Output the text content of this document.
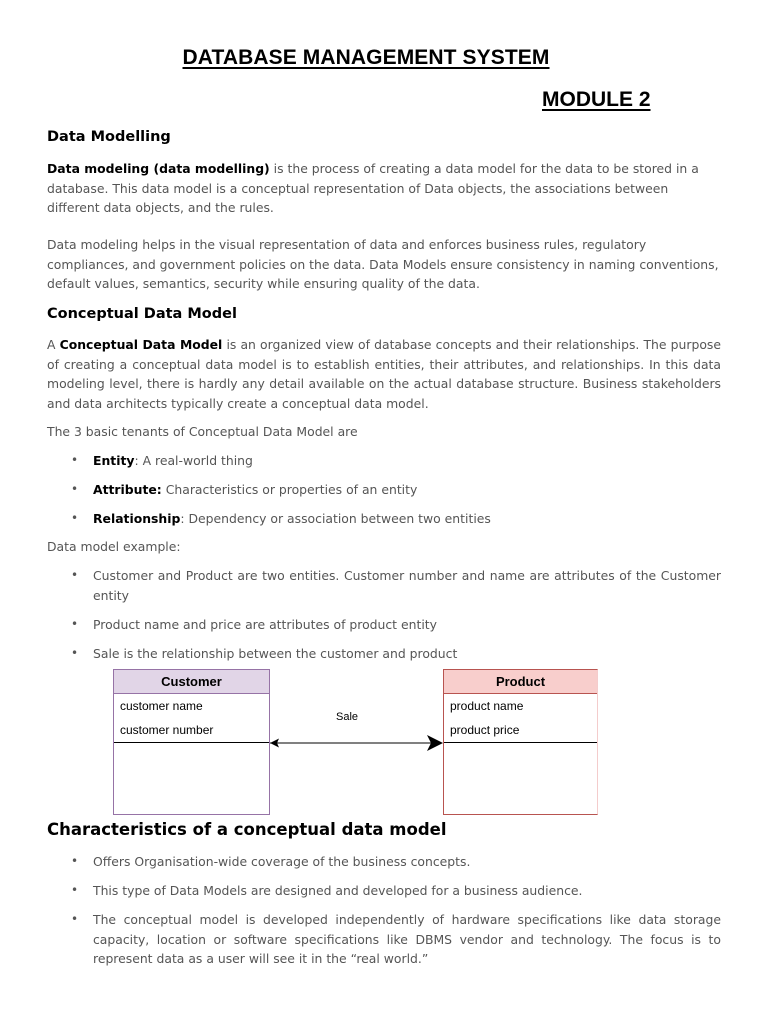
DATABASE MANAGEMENT SYSTEM
MODULE 2
Data Modelling

Data modeling (data modelling) is the process of creating a data model for the data to be stored in a database. This data model is a conceptual representation of Data objects, the associations between different data objects, and the rules.

Data modeling helps in the visual representation of data and enforces business rules, regulatory compliances, and government policies on the data. Data Models ensure consistency in naming conventions, default values, semantics, security while ensuring quality of the data.

Conceptual Data Model

A Conceptual Data Model is an organized view of database concepts and their relationships. The purpose of creating a conceptual data model is to establish entities, their attributes, and relationships. In this data modeling level, there is hardly any detail available on the actual database structure. Business stakeholders and data architects typically create a conceptual data model.

The 3 basic tenants of Conceptual Data Model are

• Entity: A real-world thing
• Attribute: Characteristics or properties of an entity
• Relationship: Dependency or association between two entities

Data model example:

• Customer and Product are two entities. Customer number and name are attributes of the Customer entity
• Product name and price are attributes of product entity
• Sale is the relationship between the customer and product
Customer
customer name
customer number
Sale
Product
product name
product price
Characteristics of a conceptual data model
• Offers Organisation-wide coverage of the business concepts.
• This type of Data Models are designed and developed for a business audience.
• The conceptual model is developed independently of hardware specifications like data storage capacity, location or software specifications like DBMS vendor and technology. The focus is to represent data as a user will see it in the “real world.”
